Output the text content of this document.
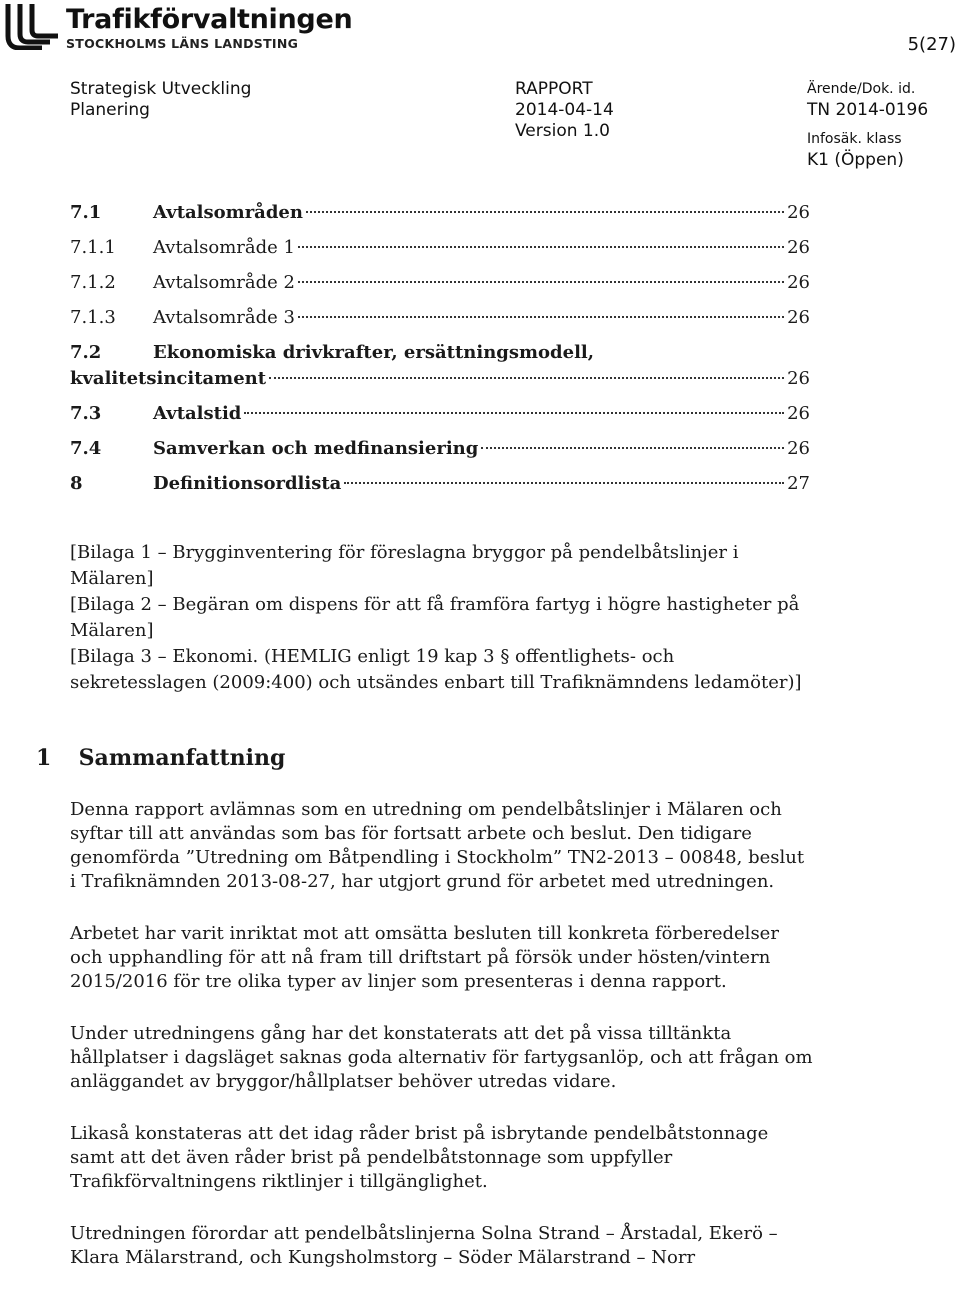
Trafikförvaltningen
STOCKHOLMS LÄNS LANDSTING	5(27)
Strategisk Utveckling
Planering
RAPPORT
2014-04-14
Version 1.0
Ärende/Dok. id.
TN 2014-0196
Infosäk. klass
K1 (Öppen)
7.1	Avtalsområden	26
7.1.1	Avtalsområde 1	26
7.1.2	Avtalsområde 2	26
7.1.3	Avtalsområde 3	26
7.2	Ekonomiska drivkrafter, ersättningsmodell,
kvalitetsincitament	26
7.3	Avtalstid	26
7.4	Samverkan och medfinansiering	26
8	Definitionsordlista	27

[Bilaga 1 – Brygginventering för föreslagna bryggor på pendelbåtslinjer i Mälaren]

[Bilaga 2 – Begäran om dispens för att få framföra fartyg i högre hastigheter på Mälaren]

[Bilaga 3 – Ekonomi. (HEMLIG enligt 19 kap 3 § offentlighets- och sekretesslagen (2009:400) och utsändes enbart till Trafiknämndens ledamöter)]

1 Sammanfattning

Denna rapport avlämnas som en utredning om pendelbåtslinjer i Mälaren och syftar till att användas som bas för fortsatt arbete och beslut. Den tidigare genomförda ”Utredning om Båtpendling i Stockholm” TN2-2013 – 00848, beslut i Trafiknämnden 2013-08-27, har utgjort grund för arbetet med utredningen.

Arbetet har varit inriktat mot att omsätta besluten till konkreta förberedelser och upphandling för att nå fram till driftstart på försök under hösten/vintern 2015/2016 för tre olika typer av linjer som presenteras i denna rapport.

Under utredningens gång har det konstaterats att det på vissa tilltänkta hållplatser i dagsläget saknas goda alternativ för fartygsanlöp, och att frågan om anläggandet av bryggor/hållplatser behöver utredas vidare.

Likaså konstateras att det idag råder brist på isbrytande pendelbåtstonnage samt att det även råder brist på pendelbåtstonnage som uppfyller Trafikförvaltningens riktlinjer i tillgänglighet.

Utredningen förordar att pendelbåtslinjerna Solna Strand – Årstadal, Ekerö – Klara Mälarstrand, och Kungsholmstorg – Söder Mälarstrand – Norr
